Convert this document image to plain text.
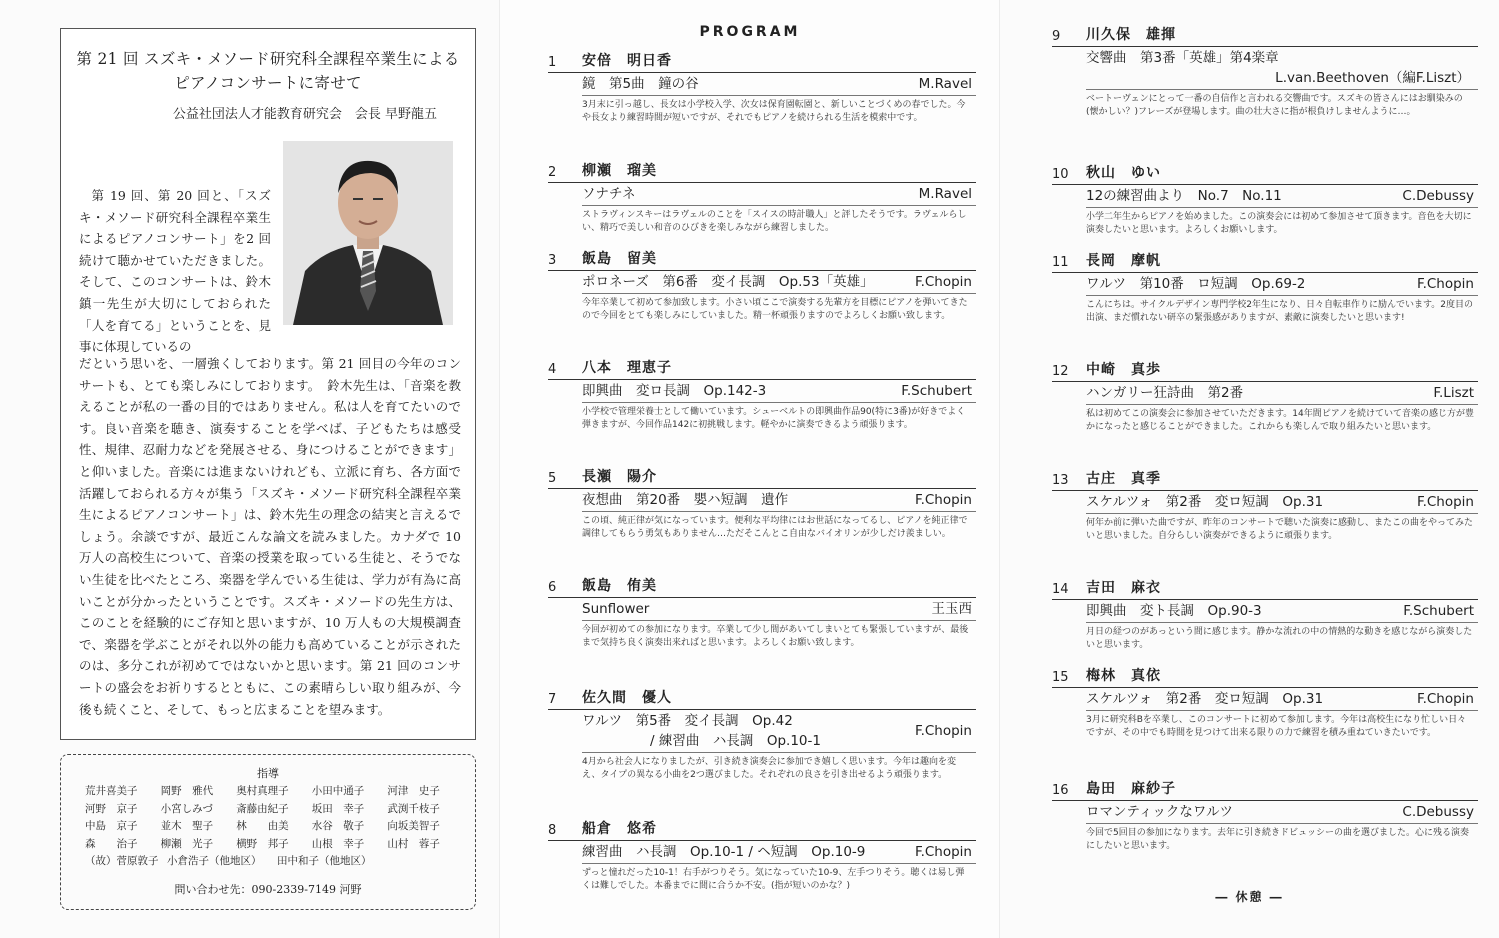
第 21 回 スズキ・メソード研究科全課程卒業生による
ピアノコンサートに寄せて
公益社団法人才能教育研究会　会長 早野龍五
第 19 回、第 20 回と、「スズキ・メソード研究科全課程卒業生によるピアノコンサート」を2 回続けて聴かせていただきました。そして、このコンサートは、鈴木鎮一先生が大切にしておられた「人を育てる」ということを、見事に体現しているの
だという思いを、一層強くしております。第 21 回目の今年のコンサートも、とても楽しみにしております。　鈴木先生は､「音楽を教えることが私の一番の目的ではありません。私は人を育てたいのです。良い音楽を聴き、演奏することを学べば、子どもたちは感受性、規律、忍耐力などを発展させる、身につけることができます」と仰いました。音楽には進まないけれども、立派に育ち、各方面で活躍しておられる方々が集う「スズキ・メソード研究科全課程卒業生によるピアノコンサート」は、鈴木先生の理念の結実と言えるでしょう。余談ですが、最近こんな論文を読みました。カナダで 10 万人の高校生について、音楽の授業を取っている生徒と、そうでない生徒を比べたところ、楽器を学んでいる生徒は、学力が有為に高いことが分かったということです。スズキ・メソードの先生方は、このことを経験的にご存知と思いますが、10 万人もの大規模調査で、楽器を学ぶことがそれ以外の能力も高めていることが示されたのは、多分これが初めてではないかと思います。第 21 回のコンサートの盛会をお祈りするとともに、この素晴らしい取り組みが、今後も続くこと、そして、もっと広まることを望みます。
指導
荒井喜美子	岡野　雅代	奥村真理子	小田中通子	河津　史子
河野　京子	小宮しみづ	斎藤由紀子	坂田　幸子	武渕千枝子
中島　京子	並木　聖子	林　　由美	水谷　敬子	向坂美智子
森　　治子	柳瀬　光子	横野　邦子	山根　幸子	山村　蓉子
（故）菅原敦子 小倉浩子（他地区）	田中和子（他地区）
問い合わせ先：090-2339-7149 河野
PROGRAM
1 安倍　明日香
鏡　第5曲　鐘の谷	M.Ravel
3月末に引っ越し、長女は小学校入学、次女は保育園転園と、新しいことづくめの春でした。今や長女より練習時間が短いですが、それでもピアノを続けられる生活を模索中です。
2 柳瀬　瑠美
ソナチネ	M.Ravel
ストラヴィンスキーはラヴェルのことを「スイスの時計職人」と評したそうです。ラヴェルらしい、精巧で美しい和音のひびきを楽しみながら練習しました。
3 飯島　留美
ポロネーズ　第6番　変イ長調　Op.53「英雄」	F.Chopin
今年卒業して初めて参加致します。小さい頃ここで演奏する先輩方を目標にピアノを弾いてきたので今回をとても楽しみにしていました。精一杯頑張りますのでよろしくお願い致します。
4 八本　理恵子
即興曲　変ロ長調　Op.142-3	F.Schubert
小学校で管理栄養士として働いています。シューベルトの即興曲作品90(特に3番)が好きでよく弾きますが、今回作品142に初挑戦します。軽やかに演奏できるよう頑張ります。
5 長瀬　陽介
夜想曲　第20番　嬰ハ短調　遺作	F.Chopin
この頃、純正律が気になっています。便利な平均律にはお世話になってるし、ピアノを純正律で調律してもらう勇気もありません…ただそこんとこ自由なバイオリンが少しだけ羨ましい。
6 飯島　侑美
Sunflower	王玉西
今回が初めての参加になります。卒業して少し間があいてしまいとても緊張していますが、最後まで気持ち良く演奏出来ればと思います。よろしくお願い致します。
7 佐久間　優人
ワルツ　第5番　変イ長調　Op.42
/ 練習曲　ハ長調　Op.10-1
F.Chopin
4月から社会人になりましたが、引き続き演奏会に参加でき嬉しく思います。今年は趣向を変え、タイプの異なる小曲を2つ選びました。それぞれの良さを引き出せるよう頑張ります。
8 船倉　悠希
練習曲　ハ長調　Op.10-1 / ヘ短調　Op.10-9	F.Chopin
ずっと憧れだった10-1！右手がつりそう。気になっていた10-9、左手つりそう。聴くは易し弾くは難しでした。本番までに間に合うか不安。(指が短いのかな？)
9 川久保　雄揮
交響曲　第3番「英雄」第4楽章
L.van.Beethoven（編F.Liszt）
ベートーヴェンにとって一番の自信作と言われる交響曲です。スズキの皆さんにはお馴染みの(懐かしい？)フレーズが登場します。曲の壮大さに指が根負けしませんように…。
10 秋山　ゆい
12の練習曲より　No.7　No.11	C.Debussy
小学二年生からピアノを始めました。この演奏会には初めて参加させて頂きます。音色を大切に演奏したいと思います。よろしくお願いします。
11 長岡　摩帆
ワルツ　第10番　ロ短調　Op.69-2	F.Chopin
こんにちは。サイクルデザイン専門学校2年生になり、日々自転車作りに励んでいます。2度目の出演、まだ慣れない研卒の緊張感がありますが、素敵に演奏したいと思います!
12 中崎　真歩
ハンガリー狂詩曲　第2番	F.Liszt
私は初めてこの演奏会に参加させていただきます。14年間ピアノを続けていて音楽の感じ方が豊かになったと感じることができました。これからも楽しんで取り組みたいと思います。
13 古庄　真季
スケルツォ　第2番　変ロ短調　Op.31	F.Chopin
何年か前に弾いた曲ですが、昨年のコンサートで聴いた演奏に感動し、またこの曲をやってみたいと思いました。自分らしい演奏ができるように頑張ります。
14 吉田　麻衣
即興曲　変ト長調　Op.90-3	F.Schubert
月日の経つのがあっという間に感じます。静かな流れの中の情熱的な動きを感じながら演奏したいと思います。
15 梅林　真依
スケルツォ　第2番　変ロ短調　Op.31	F.Chopin
3月に研究科Bを卒業し、このコンサートに初めて参加します。今年は高校生になり忙しい日々ですが、その中でも時間を見つけて出来る限りの力で練習を積み重ねていきたいです。
16 島田　麻紗子
ロマンティックなワルツ	C.Debussy
今回で5回目の参加になります。去年に引き続きドビュッシーの曲を選びました。心に残る演奏にしたいと思います。
― 休憩 ―
